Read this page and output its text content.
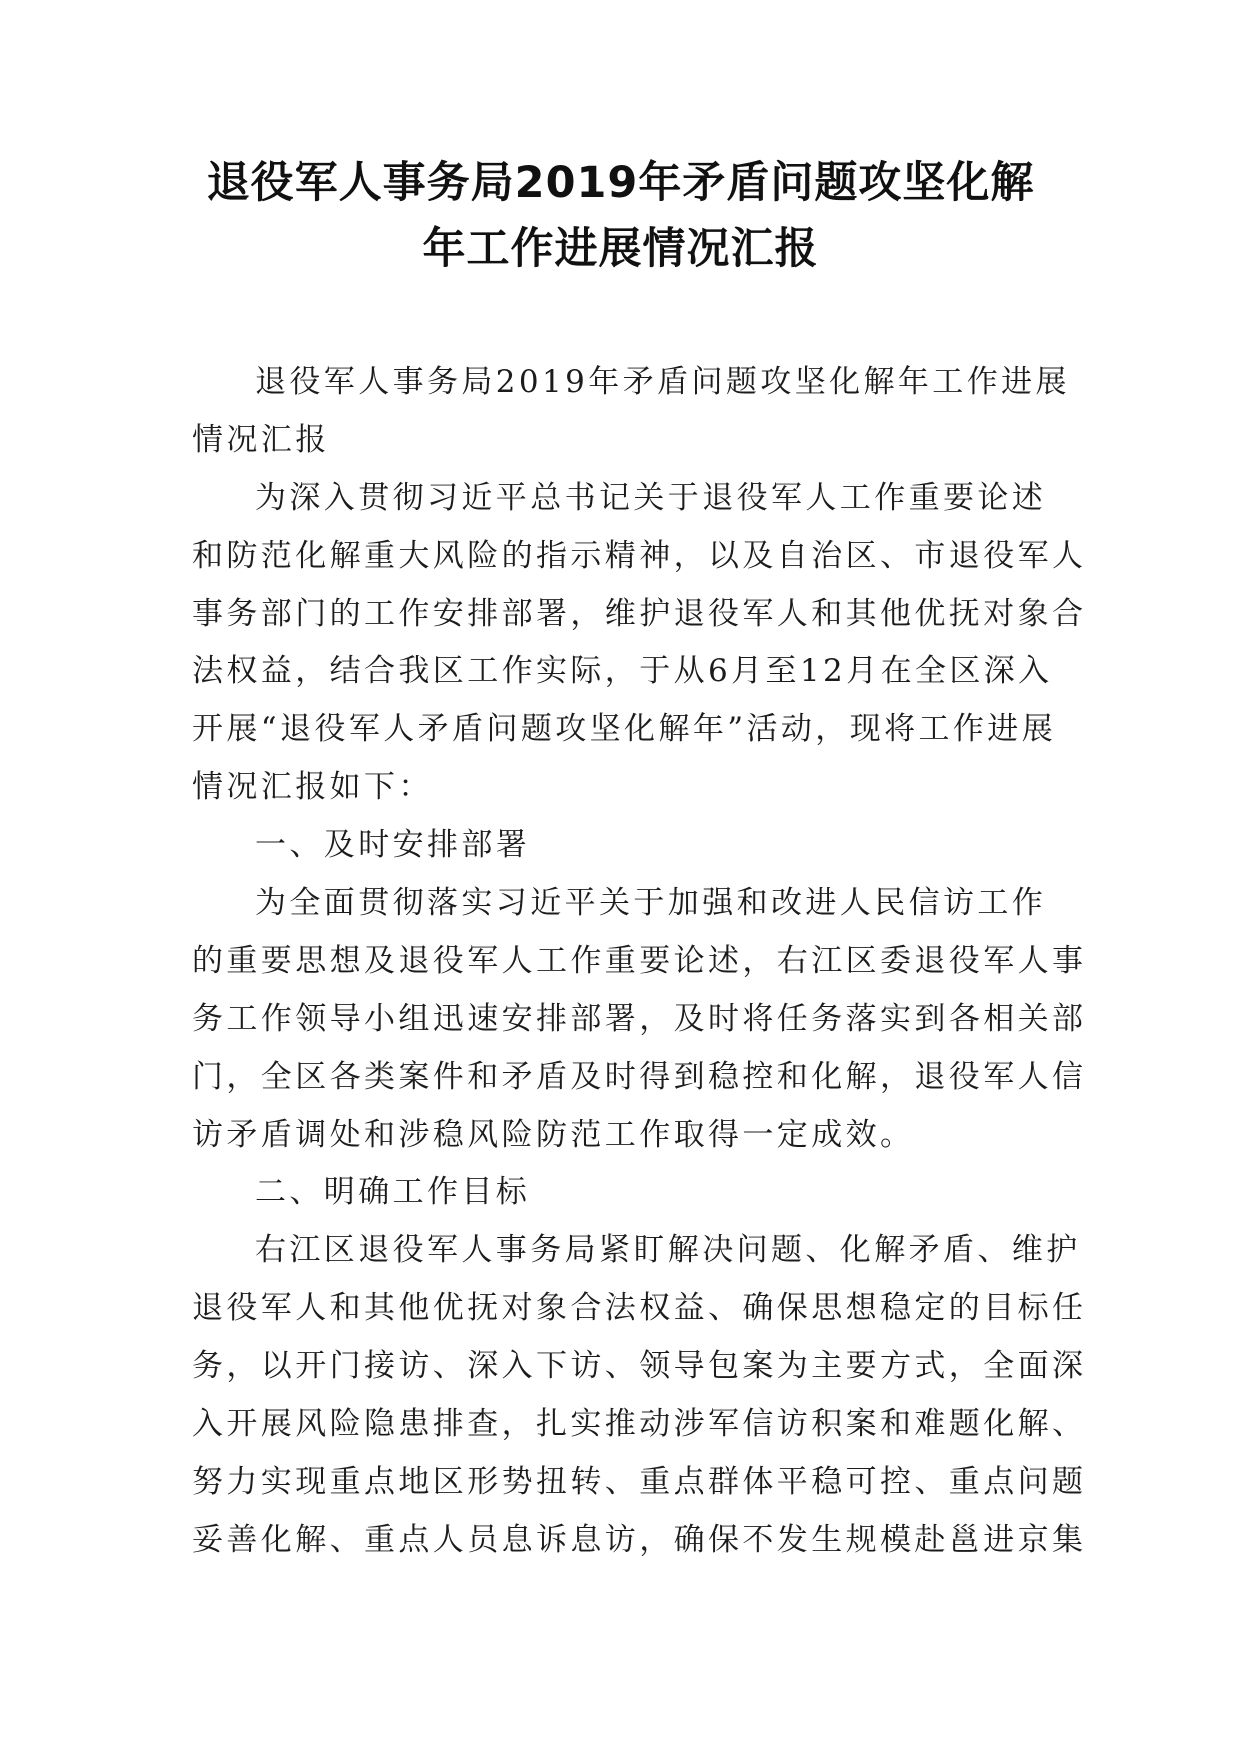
退役军人事务局2019年矛盾问题攻坚化解
年工作进展情况汇报
退役军人事务局2019年矛盾问题攻坚化解年工作进展
情况汇报
为深入贯彻习近平总书记关于退役军人工作重要论述
和防范化解重大风险的指示精神，以及自治区、市退役军人
事务部门的工作安排部署，维护退役军人和其他优抚对象合
法权益，结合我区工作实际，于从6月至12月在全区深入
开展“退役军人矛盾问题攻坚化解年”活动，现将工作进展
情况汇报如下：
一、及时安排部署
为全面贯彻落实习近平关于加强和改进人民信访工作
的重要思想及退役军人工作重要论述，右江区委退役军人事
务工作领导小组迅速安排部署，及时将任务落实到各相关部
门，全区各类案件和矛盾及时得到稳控和化解，退役军人信
访矛盾调处和涉稳风险防范工作取得一定成效。
二、明确工作目标
右江区退役军人事务局紧盯解决问题、化解矛盾、维护
退役军人和其他优抚对象合法权益、确保思想稳定的目标任
务，以开门接访、深入下访、领导包案为主要方式，全面深
入开展风险隐患排查，扎实推动涉军信访积案和难题化解、
努力实现重点地区形势扭转、重点群体平稳可控、重点问题
妥善化解、重点人员息诉息访，确保不发生规模赴邕进京集
